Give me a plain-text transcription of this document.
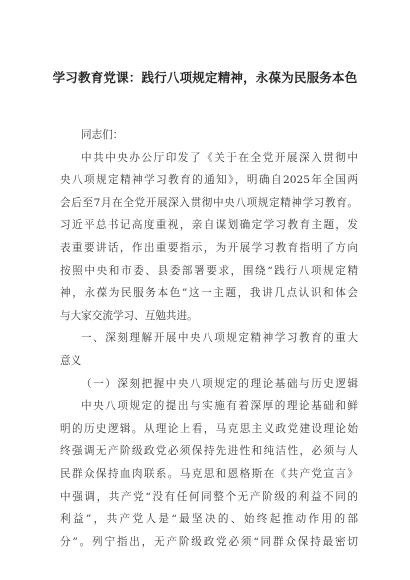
学习教育党课：践行八项规定精神，永葆为民服务本色
同志们：
中共中央办公厅印发了《关于在全党开展深入贯彻中
央八项规定精神学习教育的通知》，明确自2025年全国两
会后至7月在全党开展深入贯彻中央八项规定精神学习教育。
习近平总书记高度重视，亲自谋划确定学习教育主题，发
表重要讲话，作出重要指示，为开展学习教育指明了方向
按照中央和市委、县委部署要求，围绕“践行八项规定精
神，永葆为民服务本色”这一主题，我讲几点认识和体会
与大家交流学习、互勉共进。
一、深刻理解开展中央八项规定精神学习教育的重大
意义
（一）深刻把握中央八项规定的理论基础与历史逻辑
中央八项规定的提出与实施有着深厚的理论基础和鲜
明的历史逻辑。从理论上看，马克思主义政党建设理论始
终强调无产阶级政党必须保持先进性和纯洁性，必须与人
民群众保持血肉联系。马克思和恩格斯在《共产党宣言》
中强调，共产党“没有任何同整个无产阶级的利益不同的
利益”，共产党人是“最坚决的、始终起推动作用的部
分”。列宁指出，无产阶级政党必须“同群众保持最密切
